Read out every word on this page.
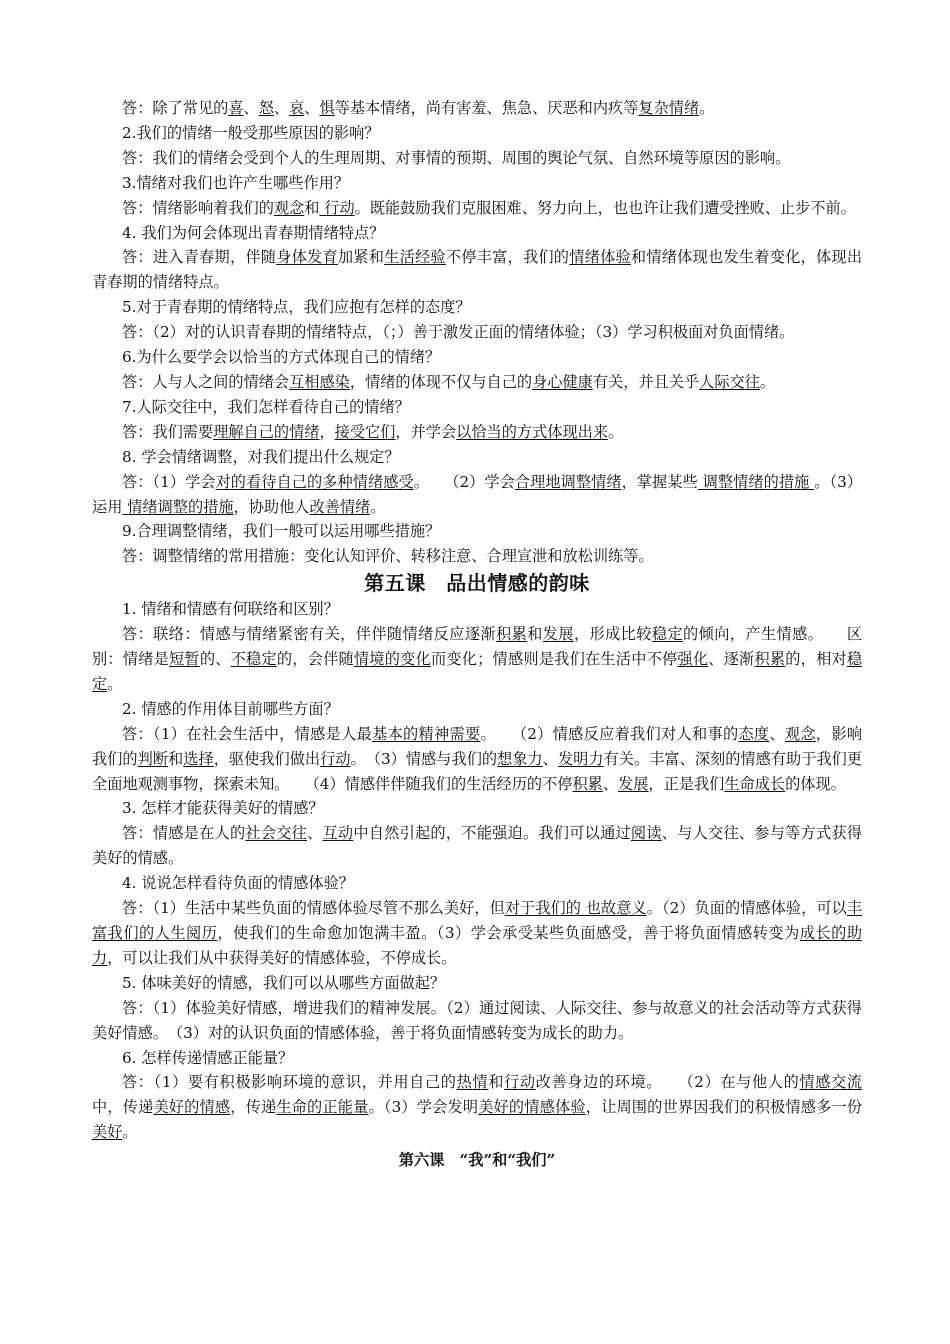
答：除了常见的喜、怒、哀、惧等基本情绪，尚有害羞、焦急、厌恶和内疚等复杂情绪。

2.我们的情绪一般受那些原因的影响？

答：我们的情绪会受到个人的生理周期、对事情的预期、周围的舆论气氛、自然环境等原因的影响。

3.情绪对我们也许产生哪些作用？

答：情绪影响着我们的观念和 行动。既能鼓励我们克服困难、努力向上，也也许让我们遭受挫败、止步不前。

4. 我们为何会体现出青春期情绪特点？

答：进入青春期，伴随身体发育加紧和生活经验不停丰富，我们的情绪体验和情绪体现也发生着变化，体现出青春期的情绪特点。

5.对于青春期的情绪特点，我们应抱有怎样的态度？

答：（2）对的认识青春期的情绪特点，（；）善于激发正面的情绪体验；（3）学习积极面对负面情绪。

6.为什么要学会以恰当的方式体现自己的情绪？

答：人与人之间的情绪会互相感染，情绪的体现不仅与自己的身心健康有关，并且关乎人际交往。

7.人际交往中，我们怎样看待自己的情绪？

答：我们需要理解自己的情绪，接受它们，并学会以恰当的方式体现出来。

8. 学会情绪调整，对我们提出什么规定？

答：（1）学会对的看待自己的多种情绪感受。　　（2）学会合理地调整情绪，掌握某些 调整情绪的措施 。（3）运用 情绪调整的措施，协助他人改善情绪。

9.合理调整情绪，我们一般可以运用哪些措施？

答：调整情绪的常用措施：变化认知评价、转移注意、合理宣泄和放松训练等。

第五课　品出情感的韵味

1. 情绪和情感有何联络和区别？

答：联络：情感与情绪紧密有关，伴伴随情绪反应逐渐积累和发展，形成比较稳定的倾向，产生情感。　　区别：情绪是短暂的、不稳定的，会伴随情境的变化而变化；情感则是我们在生活中不停强化、逐渐积累的，相对稳定。

2. 情感的作用体目前哪些方面？

答：（1）在社会生活中，情感是人最基本的精神需要。　　（2）情感反应着我们对人和事的态度、观念，影响我们的判断和选择，驱使我们做出行动。　（3）情感与我们的想象力、发明力有关。丰富、深刻的情感有助于我们更全面地观测事物，探索未知。　　（4）情感伴伴随我们的生活经历的不停积累、发展，正是我们生命成长的体现。

3. 怎样才能获得美好的情感？

答：情感是在人的社会交往、互动中自然引起的，不能强迫。我们可以通过阅读、与人交往、参与等方式获得美好的情感。

4. 说说怎样看待负面的情感体验？

答：（1）生活中某些负面的情感体验尽管不那么美好，但对于我们的 也故意义。（2）负面的情感体验，可以丰富我们的人生阅历，使我们的生命愈加饱满丰盈。（3）学会承受某些负面感受，善于将负面情感转变为成长的助力，可以让我们从中获得美好的情感体验，不停成长。

5. 体味美好的情感，我们可以从哪些方面做起？

答：（1）体验美好情感，增进我们的精神发展。（2）通过阅读、人际交往、参与故意义的社会活动等方式获得美好情感。　（3）对的认识负面的情感体验，善于将负面情感转变为成长的助力。

6. 怎样传递情感正能量？

答：（1）要有积极影响环境的意识，并用自己的热情和行动改善身边的环境。　　（2）在与他人的情感交流中，传递美好的情感，传递生命的正能量。（3）学会发明美好的情感体验，让周围的世界因我们的积极情感多一份美好。

第六课　“我”和“我们”
